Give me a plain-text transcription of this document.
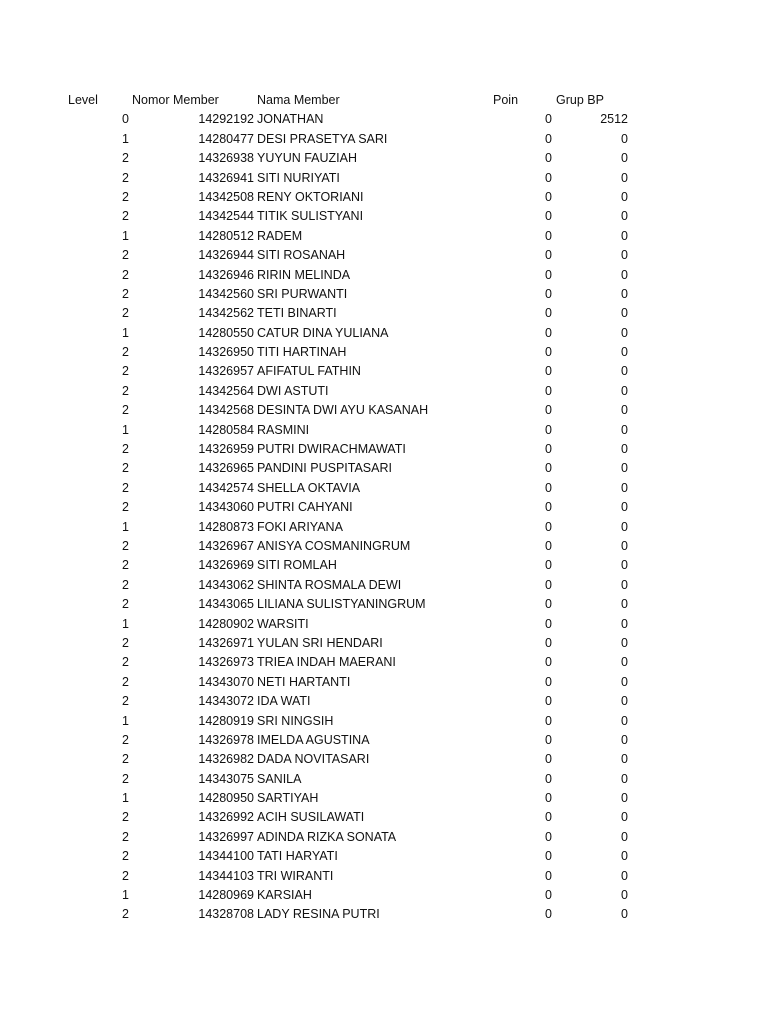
Level	Nomor Member	Nama Member	Poin	Grup BP
0	14292192 JONATHAN	0	2512
1	14280477 DESI PRASETYA SARI	0	0
2	14326938 YUYUN FAUZIAH	0	0
2	14326941 SITI NURIYATI	0	0
2	14342508 RENY OKTORIANI	0	0
2	14342544 TITIK SULISTYANI	0	0
1	14280512 RADEM	0	0
2	14326944 SITI ROSANAH	0	0
2	14326946 RIRIN MELINDA	0	0
2	14342560 SRI PURWANTI	0	0
2	14342562 TETI BINARTI	0	0
1	14280550 CATUR DINA YULIANA	0	0
2	14326950 TITI HARTINAH	0	0
2	14326957 AFIFATUL FATHIN	0	0
2	14342564 DWI ASTUTI	0	0
2	14342568 DESINTA DWI AYU KASANAH	0	0
1	14280584 RASMINI	0	0
2	14326959 PUTRI DWIRACHMAWATI	0	0
2	14326965 PANDINI PUSPITASARI	0	0
2	14342574 SHELLA OKTAVIA	0	0
2	14343060 PUTRI CAHYANI	0	0
1	14280873 FOKI ARIYANA	0	0
2	14326967 ANISYA COSMANINGRUM	0	0
2	14326969 SITI ROMLAH	0	0
2	14343062 SHINTA ROSMALA DEWI	0	0
2	14343065 LILIANA SULISTYANINGRUM	0	0
1	14280902 WARSITI	0	0
2	14326971 YULAN SRI HENDARI	0	0
2	14326973 TRIEA INDAH MAERANI	0	0
2	14343070 NETI HARTANTI	0	0
2	14343072 IDA WATI	0	0
1	14280919 SRI NINGSIH	0	0
2	14326978 IMELDA AGUSTINA	0	0
2	14326982 DADA NOVITASARI	0	0
2	14343075 SANILA	0	0
1	14280950 SARTIYAH	0	0
2	14326992 ACIH SUSILAWATI	0	0
2	14326997 ADINDA RIZKA SONATA	0	0
2	14344100 TATI HARYATI	0	0
2	14344103 TRI WIRANTI	0	0
1	14280969 KARSIAH	0	0
2	14328708 LADY RESINA PUTRI	0	0
